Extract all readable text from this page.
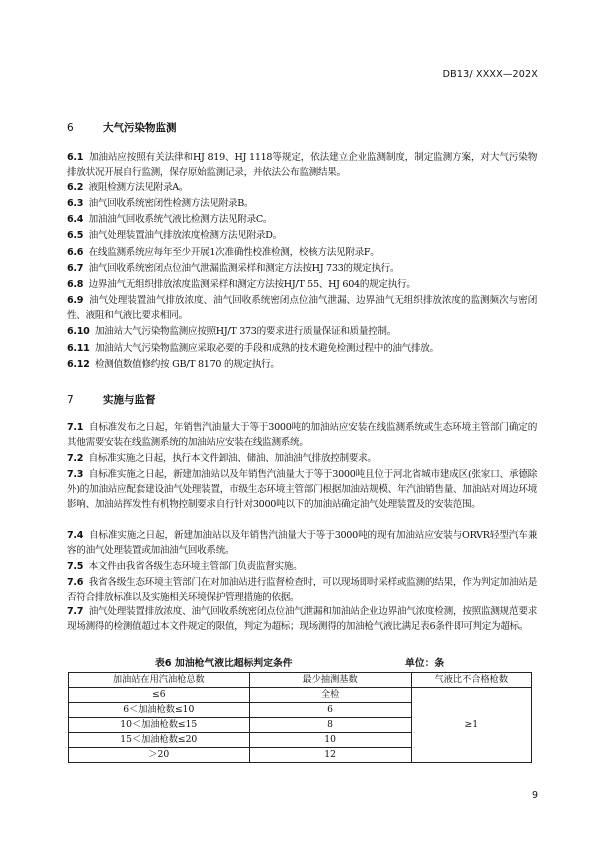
DB13/ XXXX—202X
6	大气污染物监测
6.1 加油站应按照有关法律和HJ 819、HJ 1118等规定，依法建立企业监测制度，制定监测方案，对大气污染物排放状况开展自行监测，保存原始监测记录，并依法公布监测结果。
6.2 液阻检测方法见附录A。
6.3 油气回收系统密闭性检测方法见附录B。
6.4 加油油气回收系统气液比检测方法见附录C。
6.5 油气处理装置油气排放浓度检测方法见附录D。
6.6 在线监测系统应每年至少开展1次准确性校准检测，校核方法见附录F。
6.7 油气回收系统密闭点位油气泄漏监测采样和测定方法按HJ 733的规定执行。
6.8 边界油气无组织排放浓度监测采样和测定方法按HJ/T 55、HJ 604的规定执行。
6.9 油气处理装置油气排放浓度、油气回收系统密闭点位油气泄漏、边界油气无组织排放浓度的监测频次与密闭性、液阻和气液比要求相同。
6.10 加油站大气污染物监测应按照HJ/T 373的要求进行质量保证和质量控制。
6.11 加油站大气污染物监测应采取必要的手段和成熟的技术避免检测过程中的油气排放。
6.12 检测值数值修约按 GB/T 8170 的规定执行。
7	实施与监督
7.1 自标准发布之日起，年销售汽油量大于等于3000吨的加油站应安装在线监测系统或生态环境主管部门确定的其他需要安装在线监测系统的加油站应安装在线监测系统。
7.2 自标准实施之日起，执行本文件卸油、储油、加油油气排放控制要求。
7.3 自标准实施之日起，新建加油站以及年销售汽油量大于等于3000吨且位于河北省城市建成区(张家口、承德除外)的加油站应配套建设油气处理装置，市级生态环境主管部门根据加油站规模、年汽油销售量、加油站对周边环境影响、加油站挥发性有机物控制要求自行针对3000吨以下的加油站确定油气处理装置及的安装范围。
7.4 自标准实施之日起，新建加油站以及年销售汽油量大于等于3000吨的现有加油站应安装与ORVR轻型汽车兼容的油气处理装置或加油油气回收系统。
7.5 本文件由我省各级生态环境主管部门负责监督实施。
7.6 我省各级生态环境主管部门在对加油站进行监督检查时，可以现场即时采样或监测的结果，作为判定加油站是否符合排放标准以及实施相关环境保护管理措施的依据。
7.7 油气处理装置排放浓度、油气回收系统密闭点位油气泄漏和加油站企业边界油气浓度检测，按照监测规范要求现场测得的检测值超过本文件规定的限值，判定为超标；现场测得的加油枪气液比满足表6条件即可判定为超标。
表6 加油枪气液比超标判定条件	单位：条
加油站在用汽油枪总数	最少抽测基数	气液比不合格枪数
≤6	全检	≥1
6＜加油枪数≤10	6	
10＜加油枪数≤15	8	
15＜加油枪数≤20	10	
＞20	12	
9
